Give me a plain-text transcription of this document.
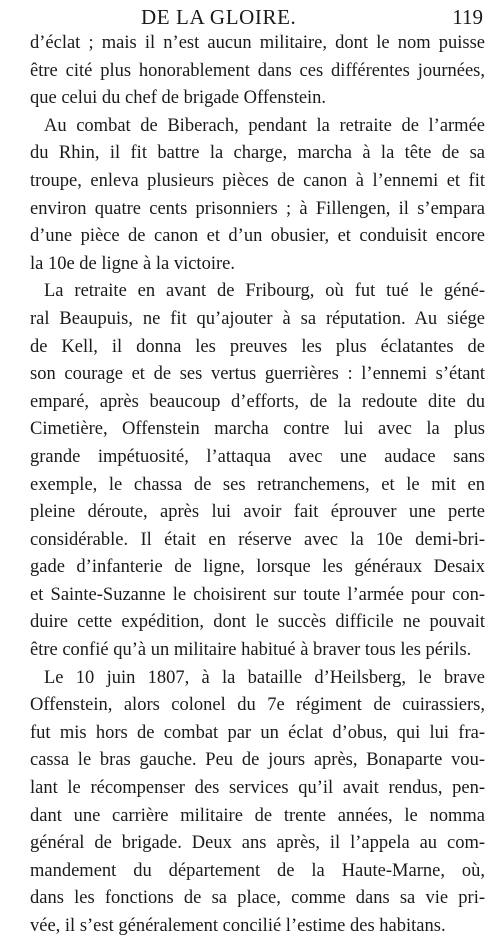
DE LA GLOIRE.	119
d’éclat ; mais il n’est aucun militaire, dont le nom puisse
être cité plus honorablement dans ces différentes journées,
que celui du chef de brigade Offenstein.
Au combat de Biberach, pendant la retraite de l’armée
du Rhin, il fit battre la charge, marcha à la tête de sa
troupe, enleva plusieurs pièces de canon à l’ennemi et fit
environ quatre cents prisonniers ; à Fillengen, il s’empara
d’une pièce de canon et d’un obusier, et conduisit encore
la 10e de ligne à la victoire.
La retraite en avant de Fribourg, où fut tué le géné-
ral Beaupuis, ne fit qu’ajouter à sa réputation. Au siége
de Kell, il donna les preuves les plus éclatantes de
son courage et de ses vertus guerrières : l’ennemi s’étant
emparé, après beaucoup d’efforts, de la redoute dite du
Cimetière, Offenstein marcha contre lui avec la plus
grande impétuosité, l’attaqua avec une audace sans
exemple, le chassa de ses retranchemens, et le mit en
pleine déroute, après lui avoir fait éprouver une perte
considérable. Il était en réserve avec la 10e demi-bri-
gade d’infanterie de ligne, lorsque les généraux Desaix
et Sainte-Suzanne le choisirent sur toute l’armée pour con-
duire cette expédition, dont le succès difficile ne pouvait
être confié qu’à un militaire habitué à braver tous les périls.
Le 10 juin 1807, à la bataille d’Heilsberg, le brave
Offenstein, alors colonel du 7e régiment de cuirassiers,
fut mis hors de combat par un éclat d’obus, qui lui fra-
cassa le bras gauche. Peu de jours après, Bonaparte vou-
lant le récompenser des services qu’il avait rendus, pen-
dant une carrière militaire de trente années, le nomma
général de brigade. Deux ans après, il l’appela au com-
mandement du département de la Haute-Marne, où,
dans les fonctions de sa place, comme dans sa vie pri-
vée, il s’est généralement concilié l’estime des habitans.
